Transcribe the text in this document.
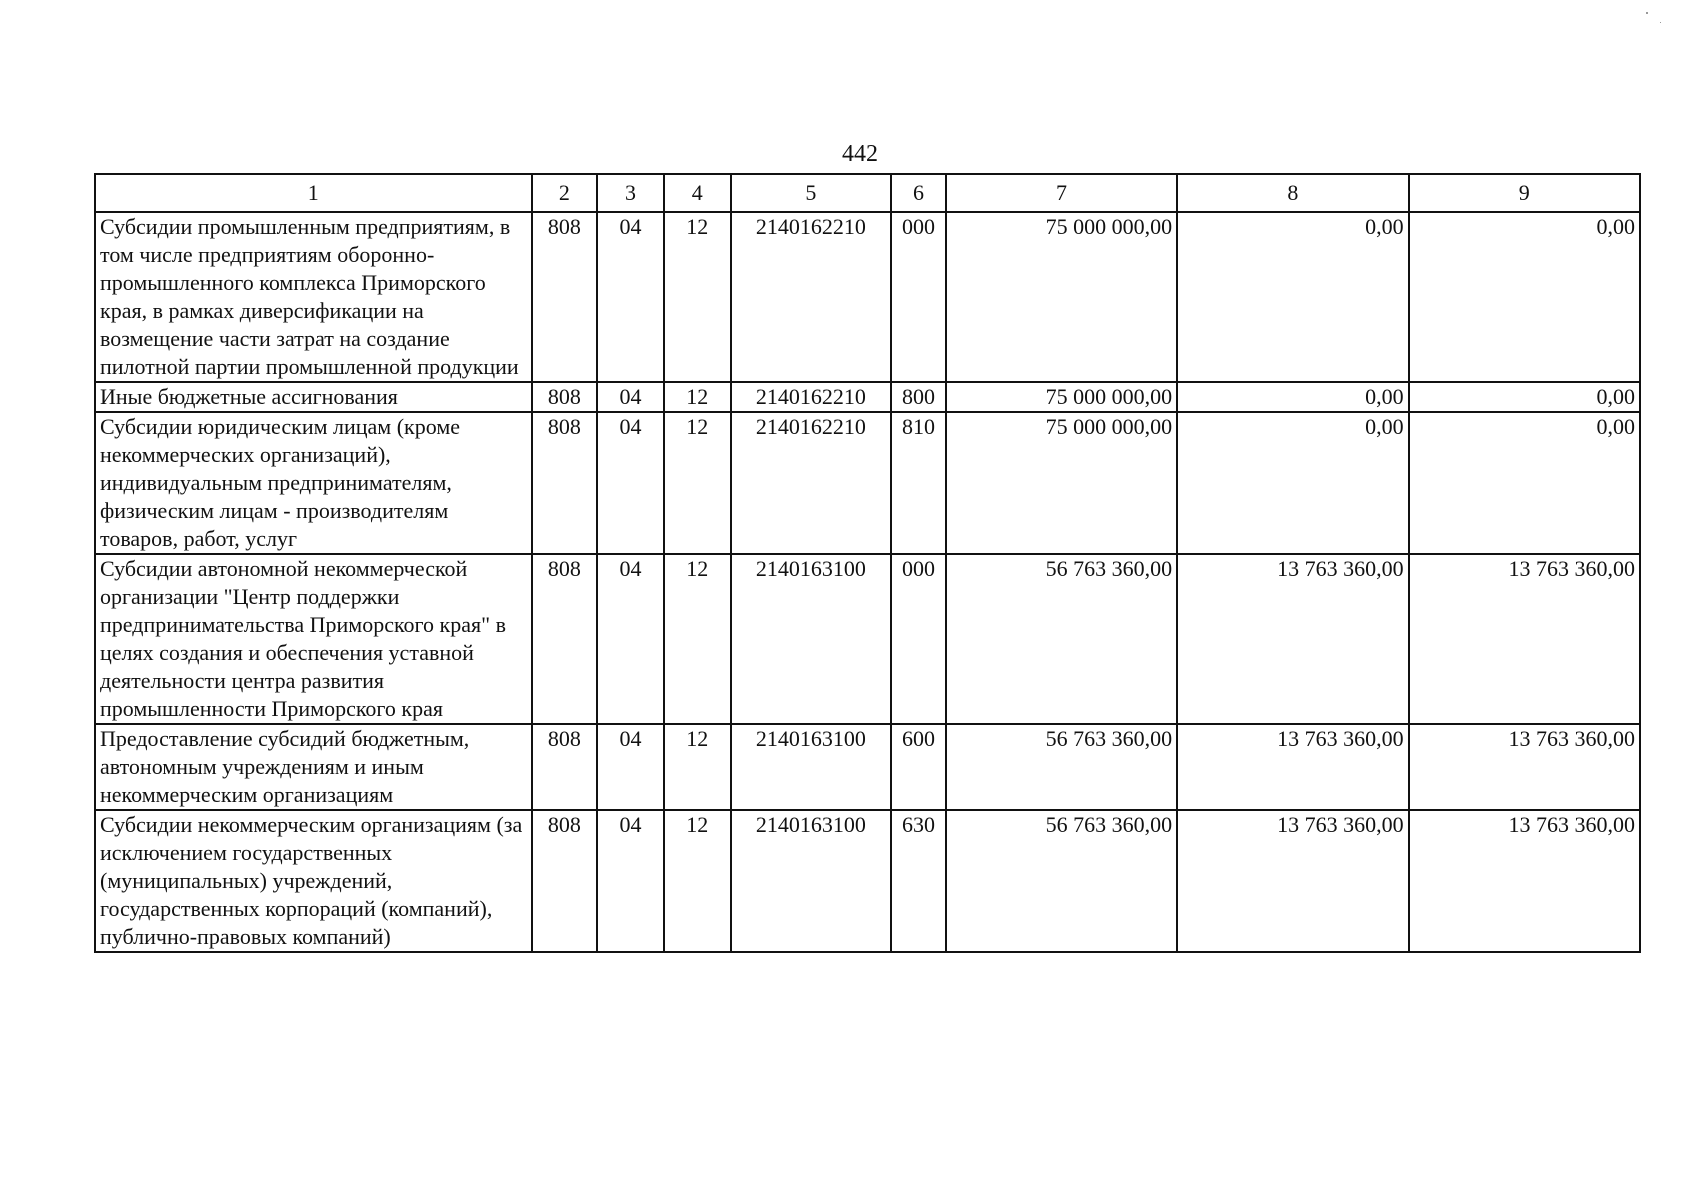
442
1	2	3	4	5	6	7	8	9
Субсидии промышленным предприятиям, в том числе предприятиям оборонно-промышленного комплекса Приморского края, в рамках диверсификации на возмещение части затрат на создание пилотной партии промышленной продукции	808	04	12	2140162210	000	75 000 000,00	0,00	0,00
Иные бюджетные ассигнования	808	04	12	2140162210	800	75 000 000,00	0,00	0,00
Субсидии юридическим лицам (кроме некоммерческих организаций), индивидуальным предпринимателям, физическим лицам - производителям товаров, работ, услуг	808	04	12	2140162210	810	75 000 000,00	0,00	0,00
Субсидии автономной некоммерческой организации "Центр поддержки предпринимательства Приморского края" в целях создания и обеспечения уставной деятельности центра развития промышленности Приморского края	808	04	12	2140163100	000	56 763 360,00	13 763 360,00	13 763 360,00
Предоставление субсидий бюджетным, автономным учреждениям и иным некоммерческим организациям	808	04	12	2140163100	600	56 763 360,00	13 763 360,00	13 763 360,00
Субсидии некоммерческим организациям (за исключением государственных (муниципальных) учреждений, государственных корпораций (компаний), публично-правовых компаний)	808	04	12	2140163100	630	56 763 360,00	13 763 360,00	13 763 360,00
